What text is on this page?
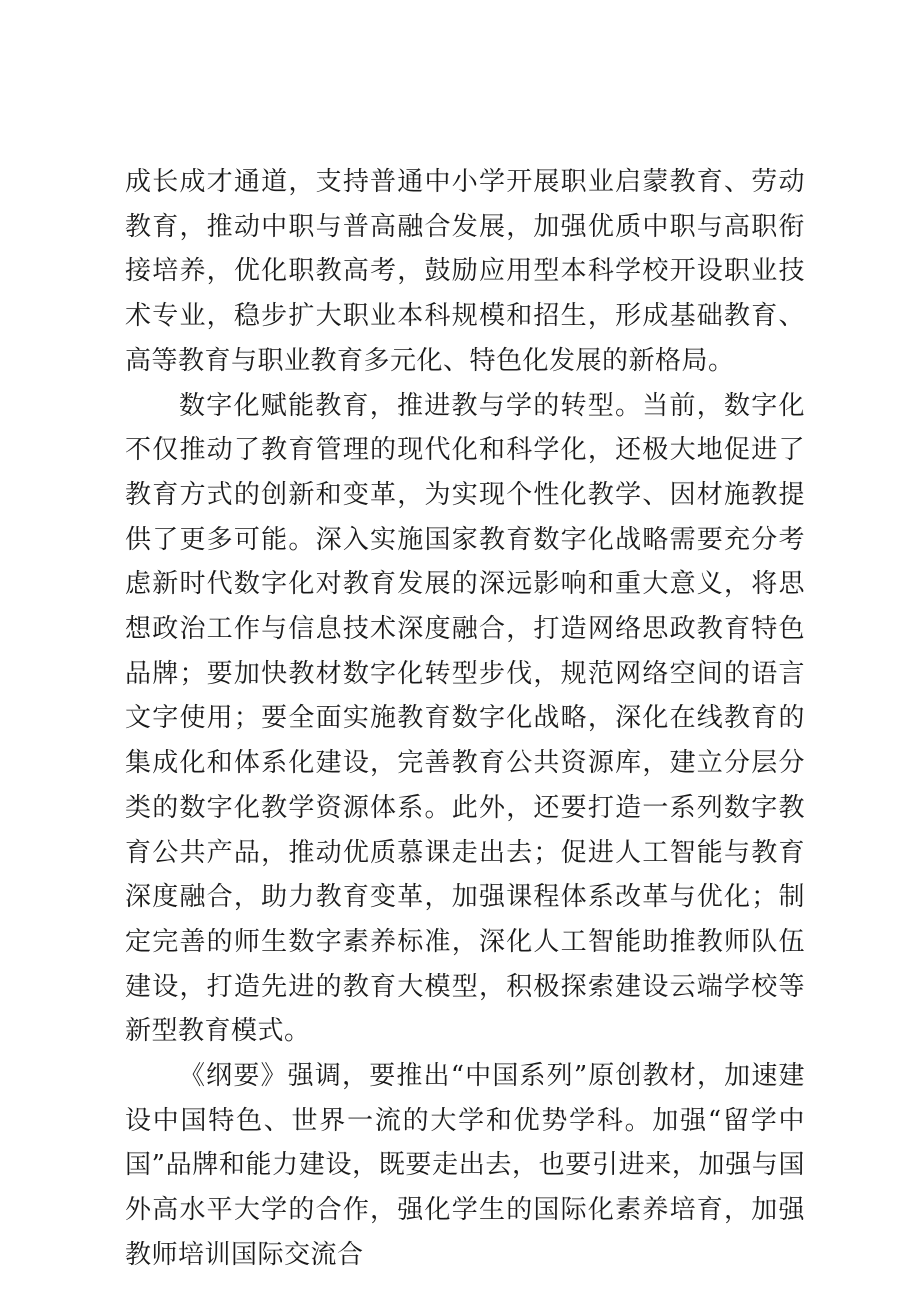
成长成才通道，支持普通中小学开展职业启蒙教育、劳动教育，推动中职与普高融合发展，加强优质中职与高职衔接培养，优化职教高考，鼓励应用型本科学校开设职业技术专业，稳步扩大职业本科规模和招生，形成基础教育、高等教育与职业教育多元化、特色化发展的新格局。

数字化赋能教育，推进教与学的转型。当前，数字化不仅推动了教育管理的现代化和科学化，还极大地促进了教育方式的创新和变革，为实现个性化教学、因材施教提供了更多可能。深入实施国家教育数字化战略需要充分考虑新时代数字化对教育发展的深远影响和重大意义，将思想政治工作与信息技术深度融合，打造网络思政教育特色品牌；要加快教材数字化转型步伐，规范网络空间的语言文字使用；要全面实施教育数字化战略，深化在线教育的集成化和体系化建设，完善教育公共资源库，建立分层分类的数字化教学资源体系。此外，还要打造一系列数字教育公共产品，推动优质慕课走出去；促进人工智能与教育深度融合，助力教育变革，加强课程体系改革与优化；制定完善的师生数字素养标准，深化人工智能助推教师队伍建设，打造先进的教育大模型，积极探索建设云端学校等新型教育模式。

《纲要》强调，要推出“中国系列”原创教材，加速建设中国特色、世界一流的大学和优势学科。加强“留学中国”品牌和能力建设，既要走出去，也要引进来，加强与国外高水平大学的合作，强化学生的国际化素养培育，加强教师培训国际交流合
